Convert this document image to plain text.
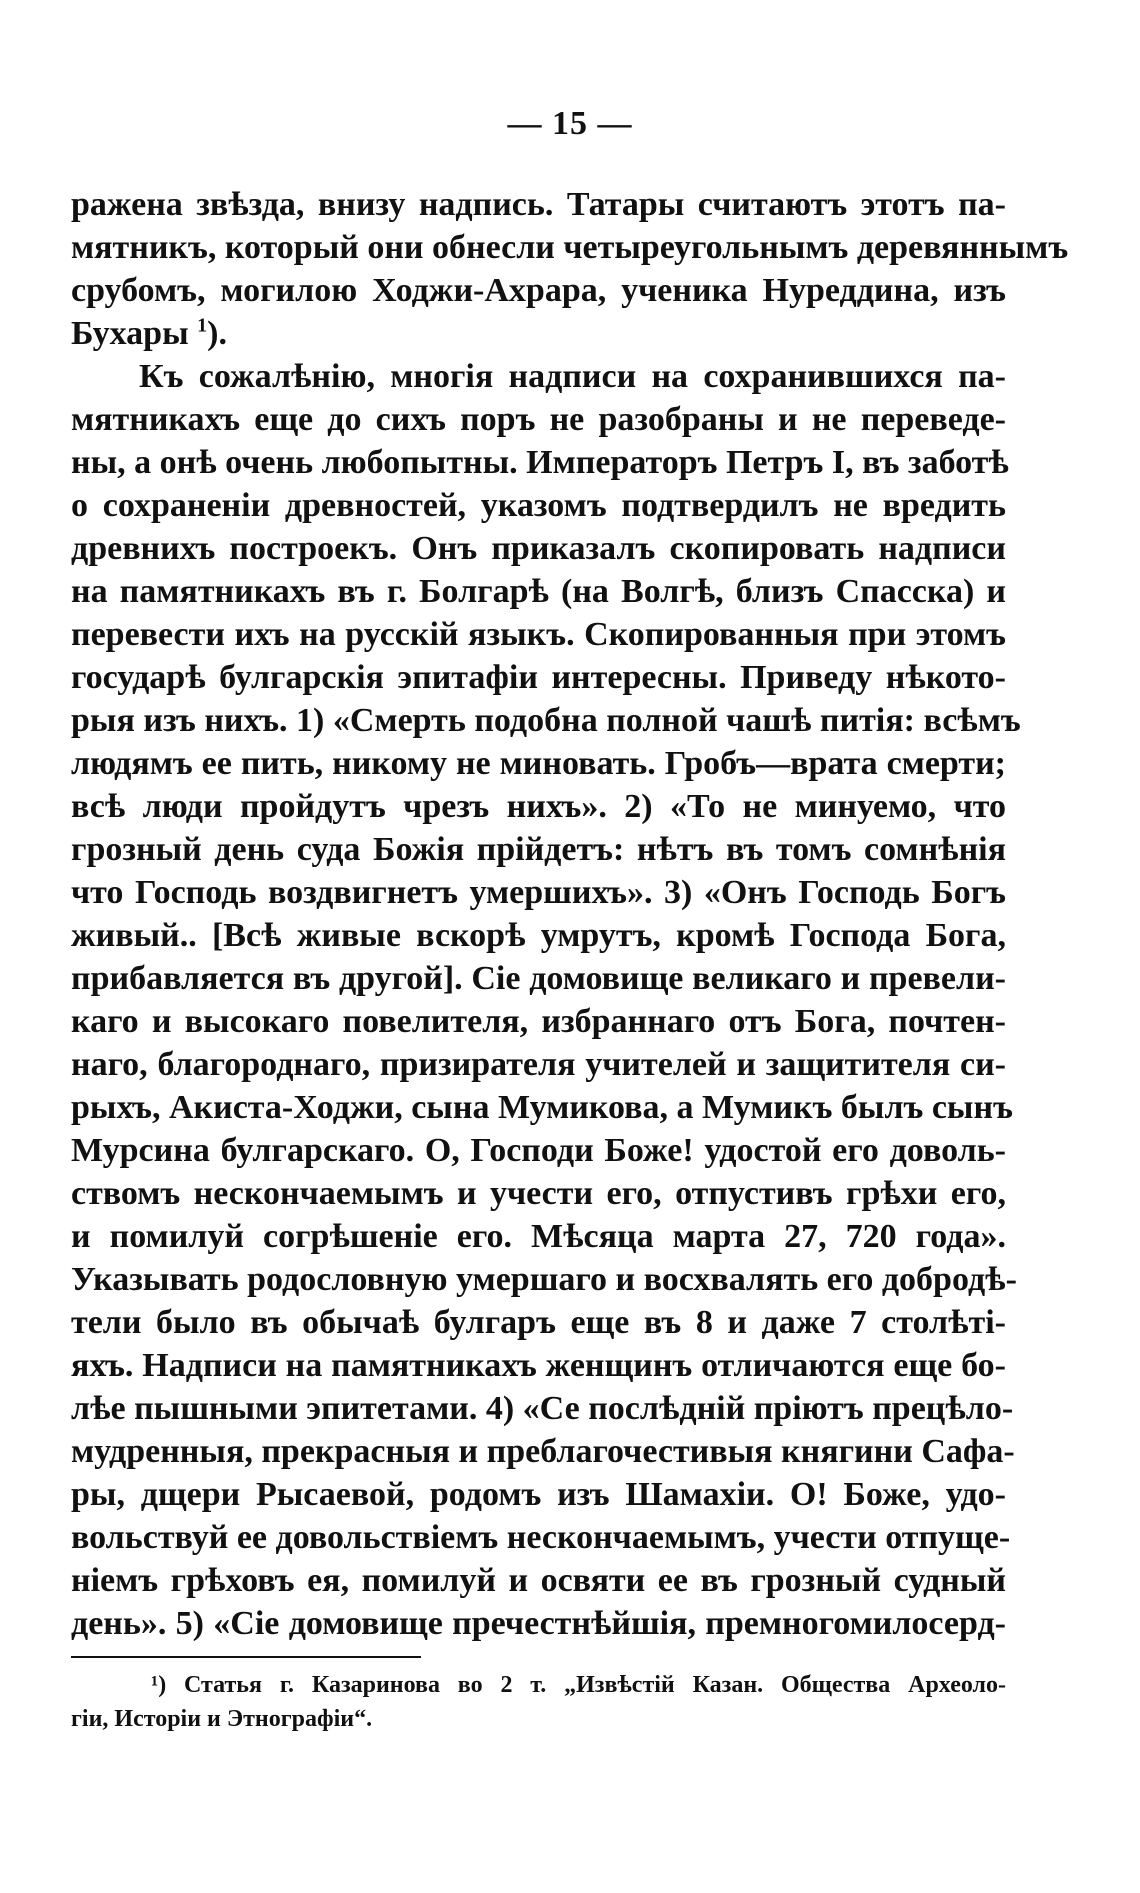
— 15 —

ражена звѣзда, внизу надпись. Татары считаютъ этотъ па-
мятникъ, который они обнесли четыреугольнымъ деревяннымъ
срубомъ, могилою Ходжи-Ахрара, ученика Нуреддина, изъ
Бухары $^1$).

Къ сожалѣнію, многія надписи на сохранившихся па-
мятникахъ еще до сихъ поръ не разобраны и не переведе-
ны, а онѣ очень любопытны. Императоръ Петръ I, въ заботѣ
о сохраненіи древностей, указомъ подтвердилъ не вредить
древнихъ построекъ. Онъ приказалъ скопировать надписи
на памятникахъ въ г. Болгарѣ (на Волгѣ, близъ Спасска) и
перевести ихъ на русскій языкъ. Скопированныя при этомъ
государѣ булгарскія эпитафіи интересны. Приведу нѣкото-
рыя изъ нихъ. 1) «Смерть подобна полной чашѣ питія: всѣмъ
людямъ ее пить, никому не миновать. Гробъ—врата смерти;
всѣ люди пройдутъ чрезъ нихъ». 2) «То не минуемо, что
грозный день суда Божія прійдетъ: нѣтъ въ томъ сомнѣнія
что Господь воздвигнетъ умершихъ». 3) «Онъ Господь Богъ
живый.. [Всѣ живые вскорѣ умрутъ, кромѣ Господа Бога,
прибавляется въ другой]. Сіе домовище великаго и превели-
каго и высокаго повелителя, избраннаго отъ Бога, почтен-
наго, благороднаго, призирателя учителей и защитителя си-
рыхъ, Акиста-Ходжи, сына Мумикова, а Мумикъ былъ сынъ
Мурсина булгарскаго. О, Господи Боже! удостой его доволь-
ствомъ нескончаемымъ и учести его, отпустивъ грѣхи его,
и помилуй согрѣшеніе его. Мѣсяца марта 27, 720 года».
Указывать родословную умершаго и восхвалять его добродѣ-
тели было въ обычаѣ булгаръ еще въ 8 и даже 7 столѣті-
яхъ. Надписи на памятникахъ женщинъ отличаются еще бо-
лѣе пышными эпитетами. 4) «Се послѣдній пріютъ прецѣло-
мудренныя, прекрасныя и преблагочестивыя княгини Сафа-
ры, дщери Рысаевой, родомъ изъ Шамахіи. О! Боже, удо-
вольствуй ее довольствіемъ нескончаемымъ, учести отпуще-
ніемъ грѣховъ ея, помилуй и освяти ее въ грозный судный
день». 5) «Сіе домовище пречестнѣйшія, премногомилосерд-

¹) Статья г. Казаринова во 2 т. „Извѣстій Казан. Общества Археоло-
гіи, Исторіи и Этнографіи“.
